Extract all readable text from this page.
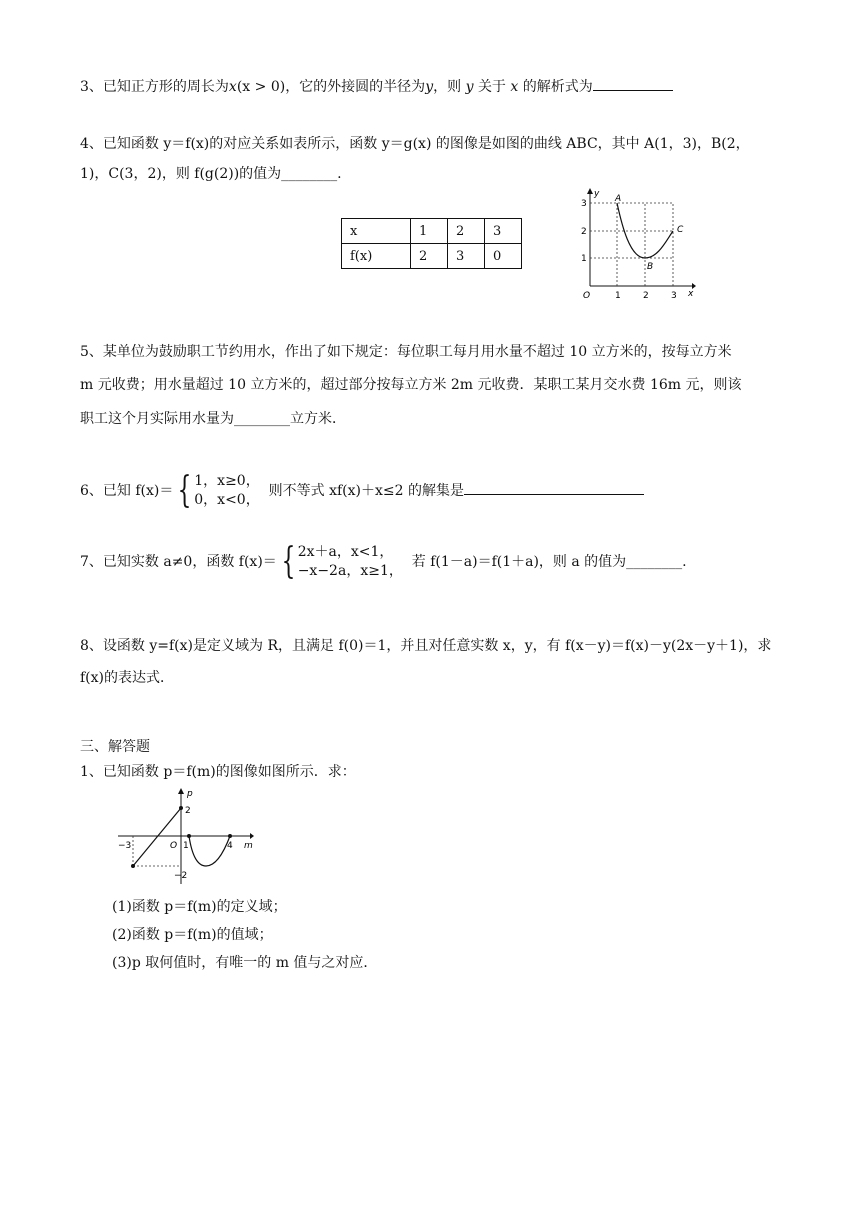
3、已知正方形的周长为x(x > 0)，它的外接圆的半径为y，则 y 关于 x 的解析式为
4、已知函数 y＝f(x)的对应关系如表所示，函数 y＝g(x) 的图像是如图的曲线 ABC，其中 A(1，3)，B(2，
1)，C(3，2)，则 f(g(2))的值为________.
x	1	2	3
f(x)	2	3	0
y
x
O	1 2 3
1
2
3	A
B
C
5、某单位为鼓励职工节约用水，作出了如下规定：每位职工每月用水量不超过 10 立方米的，按每立方米
m 元收费；用水量超过 10 立方米的，超过部分按每立方米 2m 元收费．某职工某月交水费 16m 元，则该
职工这个月实际用水量为________立方米．
6、已知 f(x)＝ { 1，x≥0，
0，x<0，  则不等式 xf(x)＋x≤2 的解集是
7、已知实数 a≠0，函数 f(x)＝ { 2x＋a，x<1，
−x−2a，x≥1，  若 f(1－a)＝f(1＋a)，则 a 的值为________.
8、设函数 y=f(x)是定义域为 R，且满足 f(0)＝1，并且对任意实数 x，y，有 f(x－y)＝f(x)－y(2x－y＋1)，求
f(x)的表达式．
三、解答题
1、已知函数 p＝f(m)的图像如图所示．求：
p
m
O
2
−3	1	4
−2
(1)函数 p＝f(m)的定义域；
(2)函数 p＝f(m)的值域；
(3)p 取何值时，有唯一的 m 值与之对应．
